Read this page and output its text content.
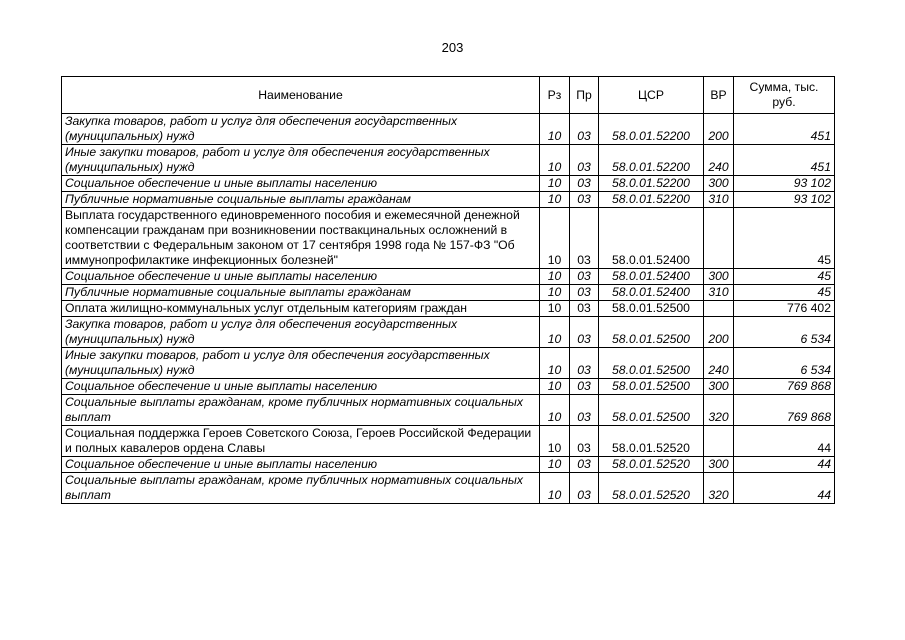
203
Наименование	Рз	Пр	ЦСР	ВР	Сумма, тыс. руб.
Закупка товаров, работ и услуг для обеспечения государственных (муниципальных) нужд	10	03	58.0.01.52200	200	451
Иные закупки товаров, работ и услуг для обеспечения государственных (муниципальных) нужд	10	03	58.0.01.52200	240	451
Социальное обеспечение и иные выплаты населению	10	03	58.0.01.52200	300	93 102
Публичные нормативные социальные выплаты гражданам	10	03	58.0.01.52200	310	93 102
Выплата государственного единовременного пособия и ежемесячной денежной компенсации гражданам при возникновении поствакцинальных осложнений в соответствии с Федеральным законом от 17 сентября 1998 года № 157-ФЗ "Об иммунопрофилактике инфекционных болезней"	10	03	58.0.01.52400		45
Социальное обеспечение и иные выплаты населению	10	03	58.0.01.52400	300	45
Публичные нормативные социальные выплаты гражданам	10	03	58.0.01.52400	310	45
Оплата жилищно-коммунальных услуг отдельным категориям граждан	10	03	58.0.01.52500		776 402
Закупка товаров, работ и услуг для обеспечения государственных (муниципальных) нужд	10	03	58.0.01.52500	200	6 534
Иные закупки товаров, работ и услуг для обеспечения государственных (муниципальных) нужд	10	03	58.0.01.52500	240	6 534
Социальное обеспечение и иные выплаты населению	10	03	58.0.01.52500	300	769 868
Социальные выплаты гражданам, кроме публичных нормативных социальных выплат	10	03	58.0.01.52500	320	769 868
Социальная поддержка Героев Советского Союза, Героев Российской Федерации и полных кавалеров ордена Славы	10	03	58.0.01.52520		44
Социальное обеспечение и иные выплаты населению	10	03	58.0.01.52520	300	44
Социальные выплаты гражданам, кроме публичных нормативных социальных выплат	10	03	58.0.01.52520	320	44
